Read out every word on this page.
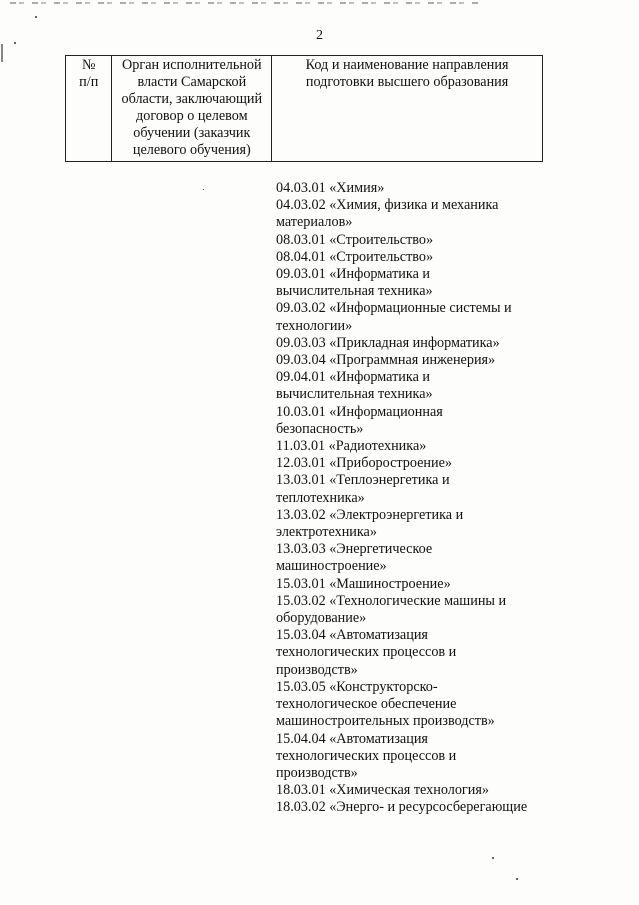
2
№
п/п	Орган исполнительной власти Самарской области, заключающий договор о целевом обучении (заказчик целевого обучения)	Код и наименование направления подготовки высшего образования
04.03.01 «Химия»
04.03.02 «Химия, физика и механика
материалов»
08.03.01 «Строительство»
08.04.01 «Строительство»
09.03.01 «Информатика и
вычислительная техника»
09.03.02 «Информационные системы и
технологии»
09.03.03 «Прикладная информатика»
09.03.04 «Программная инженерия»
09.04.01 «Информатика и
вычислительная техника»
10.03.01 «Информационная
безопасность»
11.03.01 «Радиотехника»
12.03.01 «Приборостроение»
13.03.01 «Теплоэнергетика и
теплотехника»
13.03.02 «Электроэнергетика и
электротехника»
13.03.03 «Энергетическое
машиностроение»
15.03.01 «Машиностроение»
15.03.02 «Технологические машины и
оборудование»
15.03.04 «Автоматизация
технологических процессов и
производств»
15.03.05 «Конструкторско-
технологическое обеспечение
машиностроительных производств»
15.04.04 «Автоматизация
технологических процессов и
производств»
18.03.01 «Химическая технология»
18.03.02 «Энерго- и ресурсосберегающие
